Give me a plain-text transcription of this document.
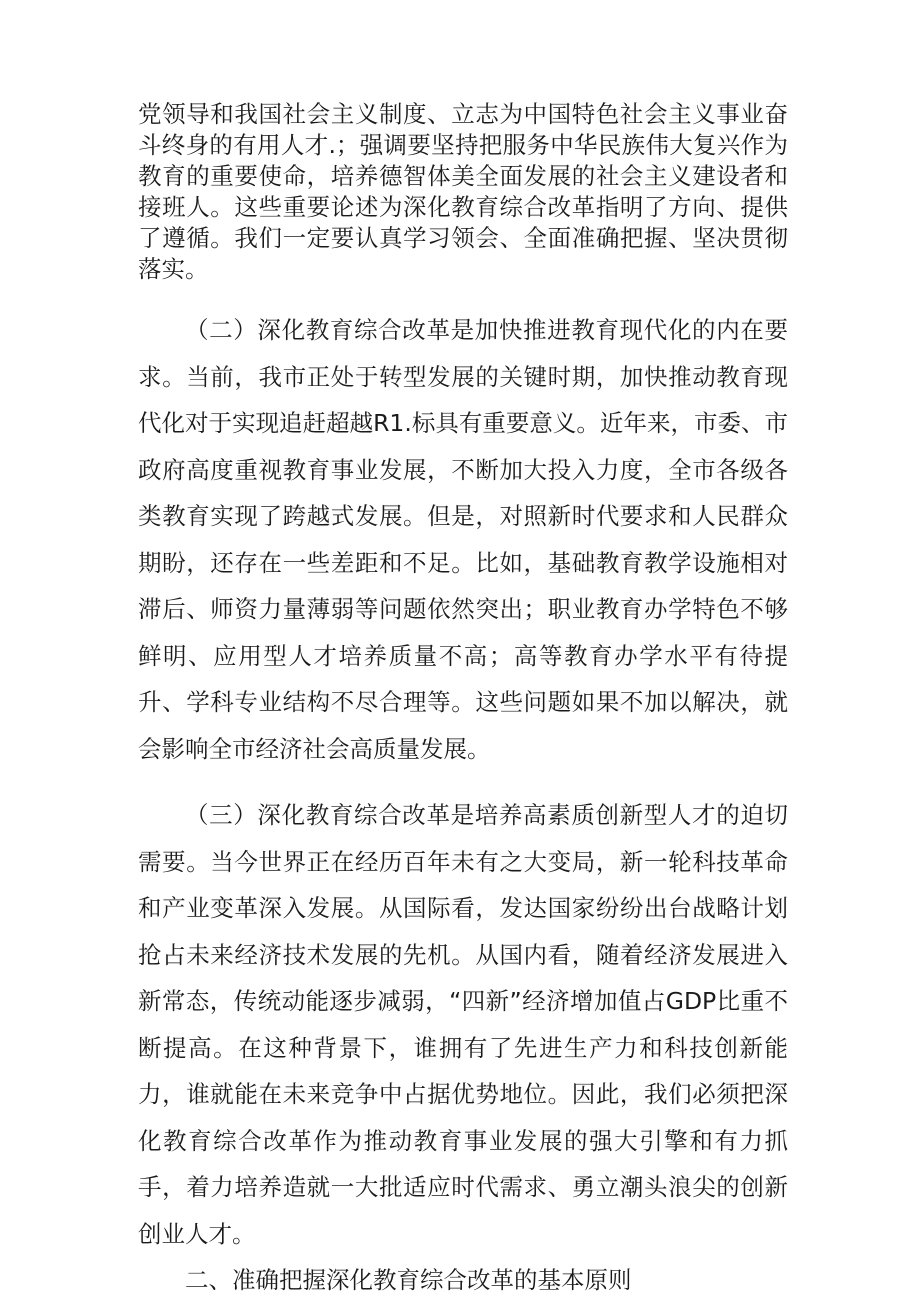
党领导和我国社会主义制度、立志为中国特色社会主义事业奋斗终身的有用人才.；强调要坚持把服务中华民族伟大复兴作为教育的重要使命，培养德智体美全面发展的社会主义建设者和接班人。这些重要论述为深化教育综合改革指明了方向、提供了遵循。我们一定要认真学习领会、全面准确把握、坚决贯彻落实。

（二）深化教育综合改革是加快推进教育现代化的内在要求。当前，我市正处于转型发展的关键时期，加快推动教育现代化对于实现追赶超越R1.标具有重要意义。近年来，市委、市政府高度重视教育事业发展，不断加大投入力度，全市各级各类教育实现了跨越式发展。但是，对照新时代要求和人民群众期盼，还存在一些差距和不足。比如，基础教育教学设施相对滞后、师资力量薄弱等问题依然突出；职业教育办学特色不够鲜明、应用型人才培养质量不高；高等教育办学水平有待提升、学科专业结构不尽合理等。这些问题如果不加以解决，就会影响全市经济社会高质量发展。

（三）深化教育综合改革是培养高素质创新型人才的迫切需要。当今世界正在经历百年未有之大变局，新一轮科技革命和产业变革深入发展。从国际看，发达国家纷纷出台战略计划抢占未来经济技术发展的先机。从国内看，随着经济发展进入新常态，传统动能逐步减弱，“四新”经济增加值占GDP比重不断提高。在这种背景下，谁拥有了先进生产力和科技创新能力，谁就能在未来竞争中占据优势地位。因此，我们必须把深化教育综合改革作为推动教育事业发展的强大引擎和有力抓手，着力培养造就一大批适应时代需求、勇立潮头浪尖的创新创业人才。

二、准确把握深化教育综合改革的基本原则
